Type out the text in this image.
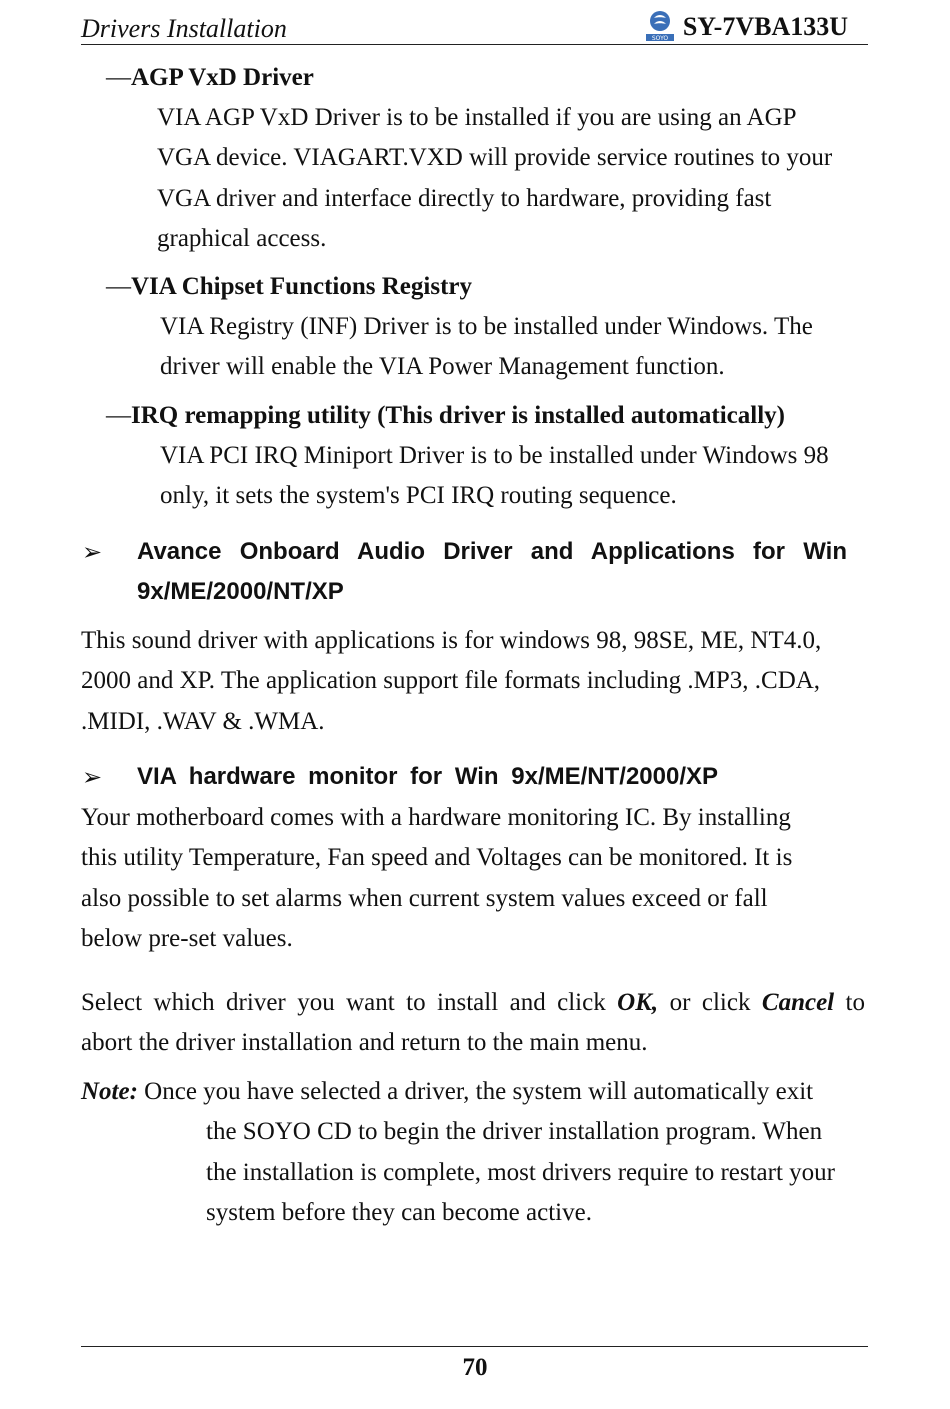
Drivers Installation	SOYO SY-7VBA133U
—AGP VxD Driver
VIA AGP VxD Driver is to be installed if you are using an AGP
VGA device. VIAGART.VXD will provide service routines to your
VGA driver and interface directly to hardware, providing fast
graphical access.
—VIA Chipset Functions Registry
VIA Registry (INF) Driver is to be installed under Windows. The
driver will enable the VIA Power Management function.
—IRQ remapping utility (This driver is installed automatically)
VIA PCI IRQ Miniport Driver is to be installed under Windows 98
only, it sets the system's PCI IRQ routing sequence.
➢ Avance Onboard Audio Driver and Applications for Win
9x/ME/2000/NT/XP
This sound driver with applications is for windows 98, 98SE, ME, NT4.0,
2000 and XP. The application support file formats including .MP3, .CDA,
.MIDI, .WAV & .WMA.
➢ VIA hardware monitor for Win 9x/ME/NT/2000/XP
Your motherboard comes with a hardware monitoring IC. By installing
this utility Temperature, Fan speed and Voltages can be monitored. It is
also possible to set alarms when current system values exceed or fall
below pre-set values.
Select which driver you want to install and click OK, or click Cancel to
abort the driver installation and return to the main menu.
Note: Once you have selected a driver, the system will automatically exit
the SOYO CD to begin the driver installation program. When
the installation is complete, most drivers require to restart your
system before they can become active.
70
